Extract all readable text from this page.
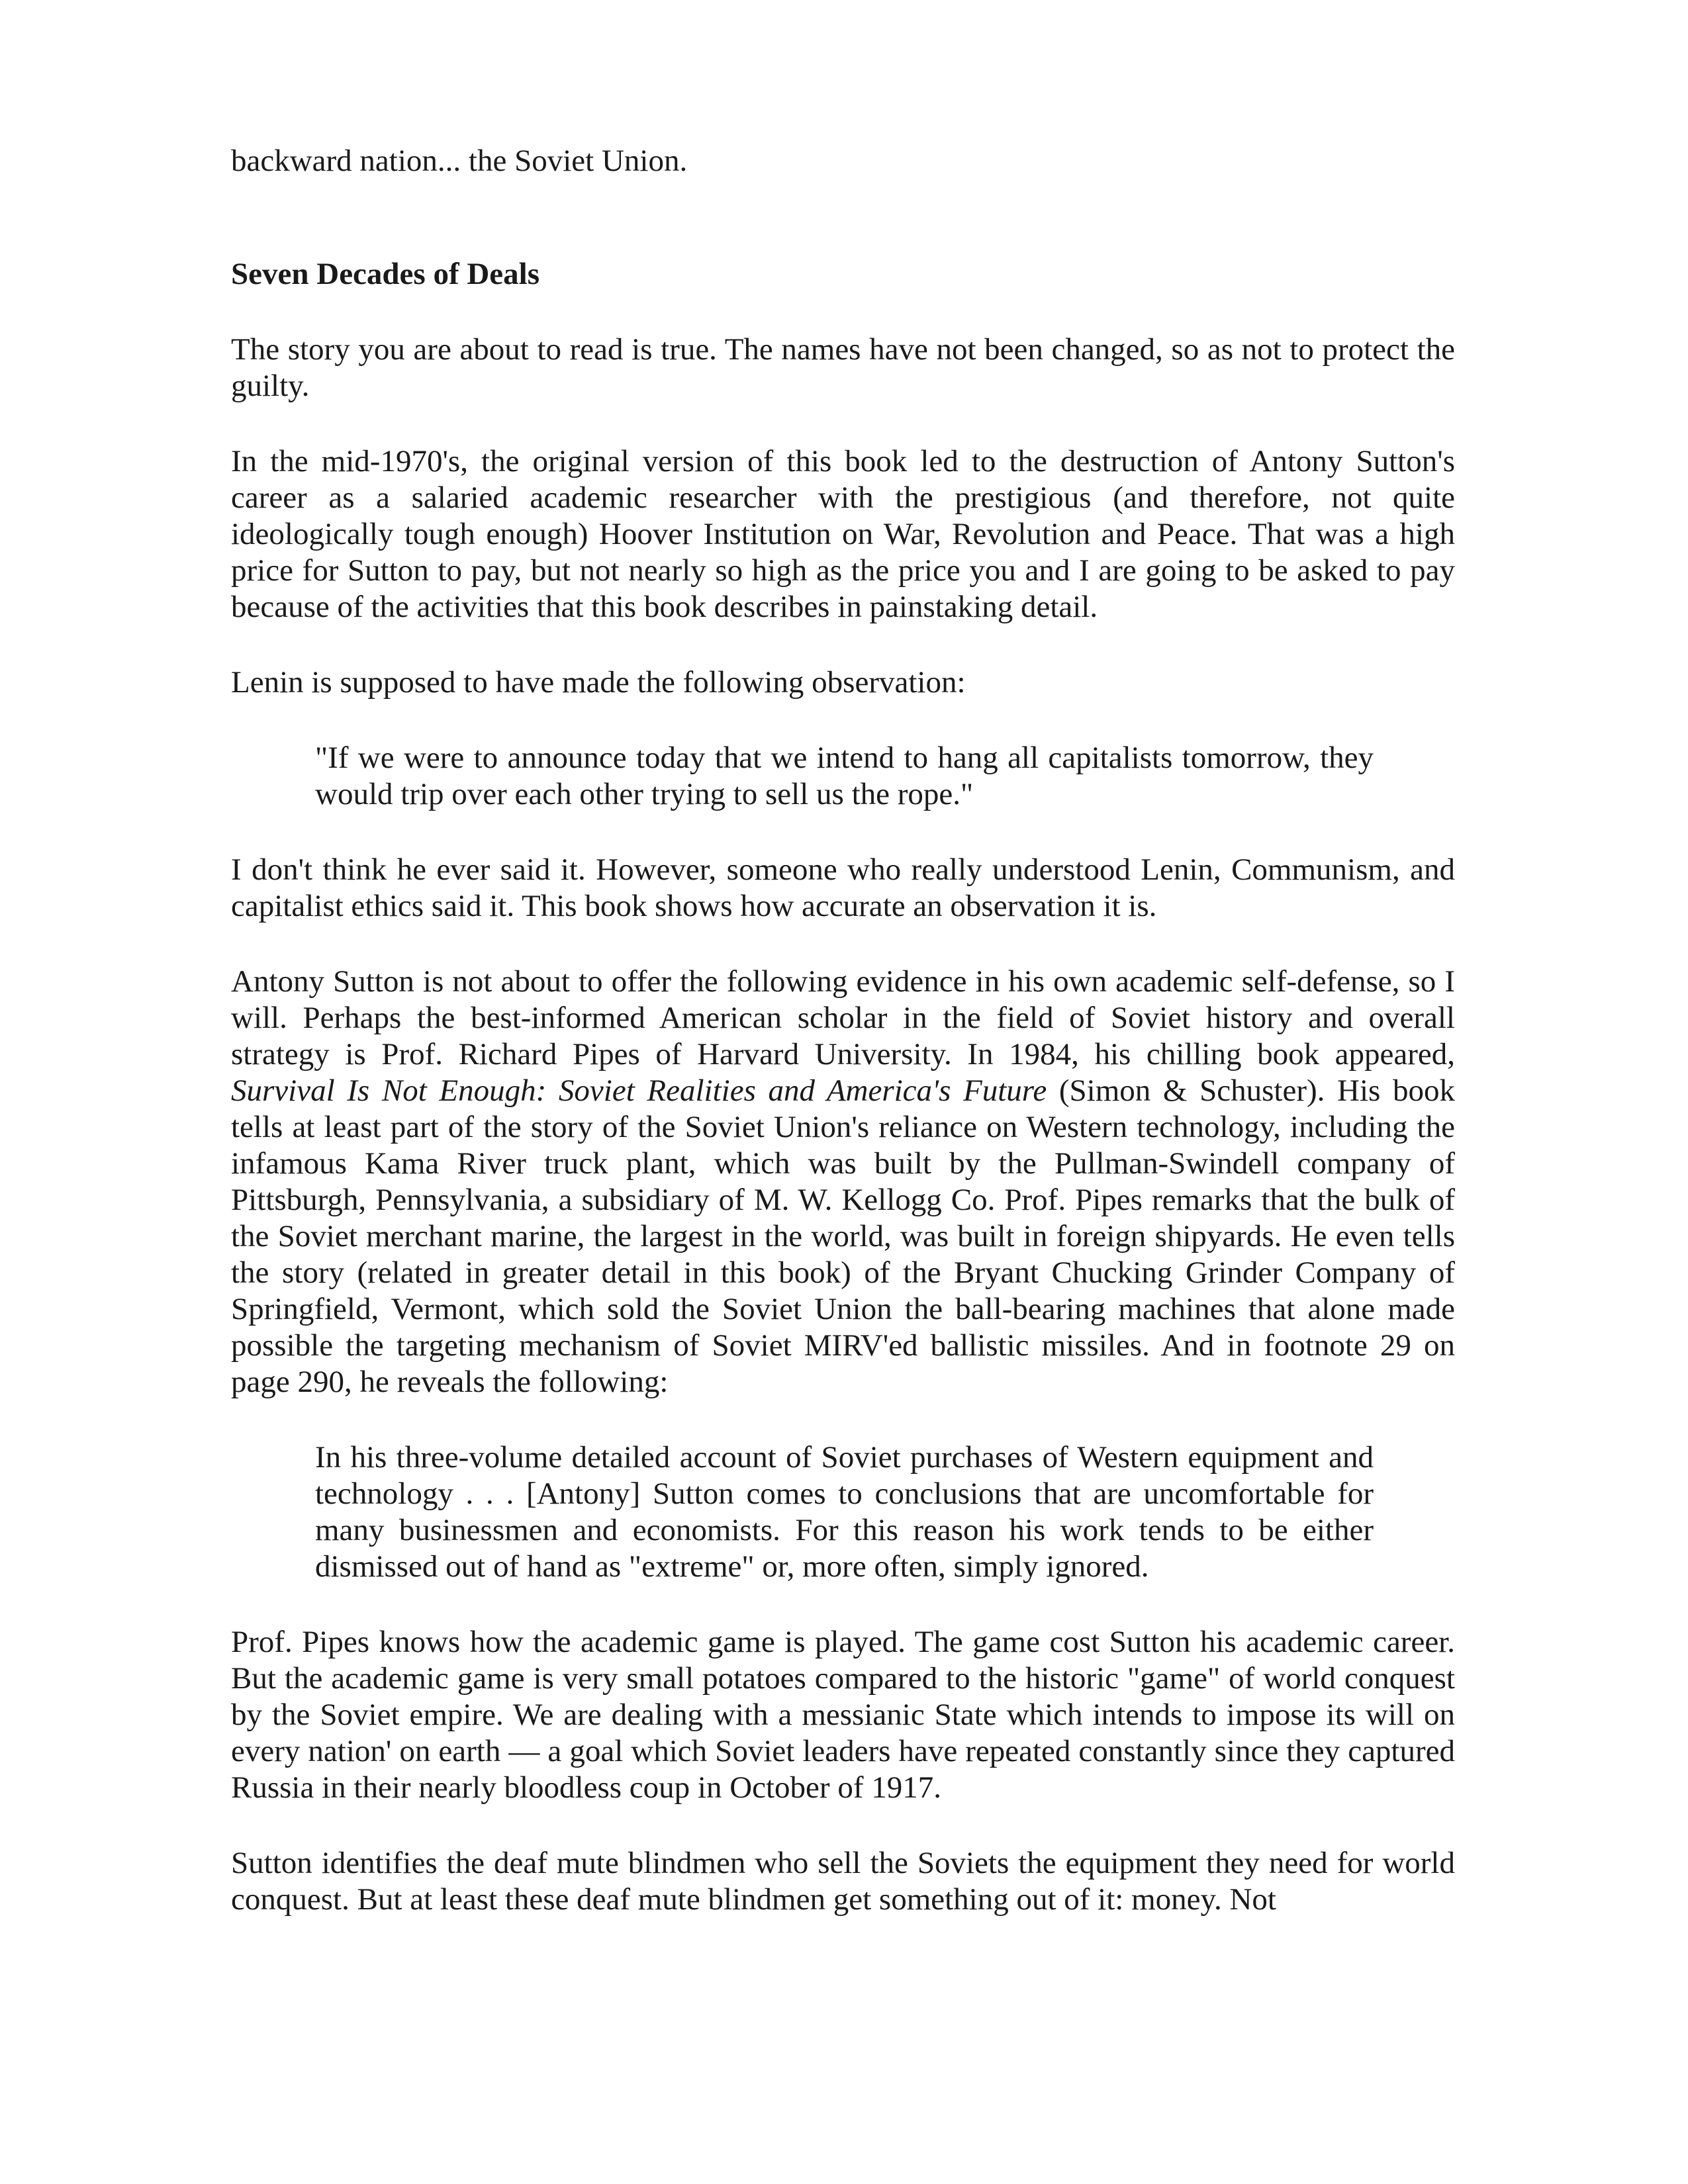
backward nation... the Soviet Union.

Seven Decades of Deals

The story you are about to read is true. The names have not been changed, so as not to protect the guilty.

In the mid-1970's, the original version of this book led to the destruction of Antony Sutton's career as a salaried academic researcher with the prestigious (and therefore, not quite ideologically tough enough) Hoover Institution on War, Revolution and Peace. That was a high price for Sutton to pay, but not nearly so high as the price you and I are going to be asked to pay because of the activities that this book describes in painstaking detail.

Lenin is supposed to have made the following observation:

"If we were to announce today that we intend to hang all capitalists tomorrow, they would trip over each other trying to sell us the rope."

I don't think he ever said it. However, someone who really understood Lenin, Communism, and capitalist ethics said it. This book shows how accurate an observation it is.

Antony Sutton is not about to offer the following evidence in his own academic self-defense, so I will. Perhaps the best-informed American scholar in the field of Soviet history and overall strategy is Prof. Richard Pipes of Harvard University. In 1984, his chilling book appeared, Survival Is Not Enough: Soviet Realities and America's Future (Simon & Schuster). His book tells at least part of the story of the Soviet Union's reliance on Western technology, including the infamous Kama River truck plant, which was built by the Pullman-Swindell company of Pittsburgh, Pennsylvania, a subsidiary of M. W. Kellogg Co. Prof. Pipes remarks that the bulk of the Soviet merchant marine, the largest in the world, was built in foreign shipyards. He even tells the story (related in greater detail in this book) of the Bryant Chucking Grinder Company of Springfield, Vermont, which sold the Soviet Union the ball-bearing machines that alone made possible the targeting mechanism of Soviet MIRV'ed ballistic missiles. And in footnote 29 on page 290, he reveals the following:

In his three-volume detailed account of Soviet purchases of Western equipment and technology . . . [Antony] Sutton comes to conclusions that are uncomfortable for many businessmen and economists. For this reason his work tends to be either dismissed out of hand as "extreme" or, more often, simply ignored.

Prof. Pipes knows how the academic game is played. The game cost Sutton his academic career. But the academic game is very small potatoes compared to the historic "game" of world conquest by the Soviet empire. We are dealing with a messianic State which intends to impose its will on every nation' on earth — a goal which Soviet leaders have repeated constantly since they captured Russia in their nearly bloodless coup in October of 1917.

Sutton identifies the deaf mute blindmen who sell the Soviets the equipment they need for world conquest. But at least these deaf mute blindmen get something out of it: money. Not
